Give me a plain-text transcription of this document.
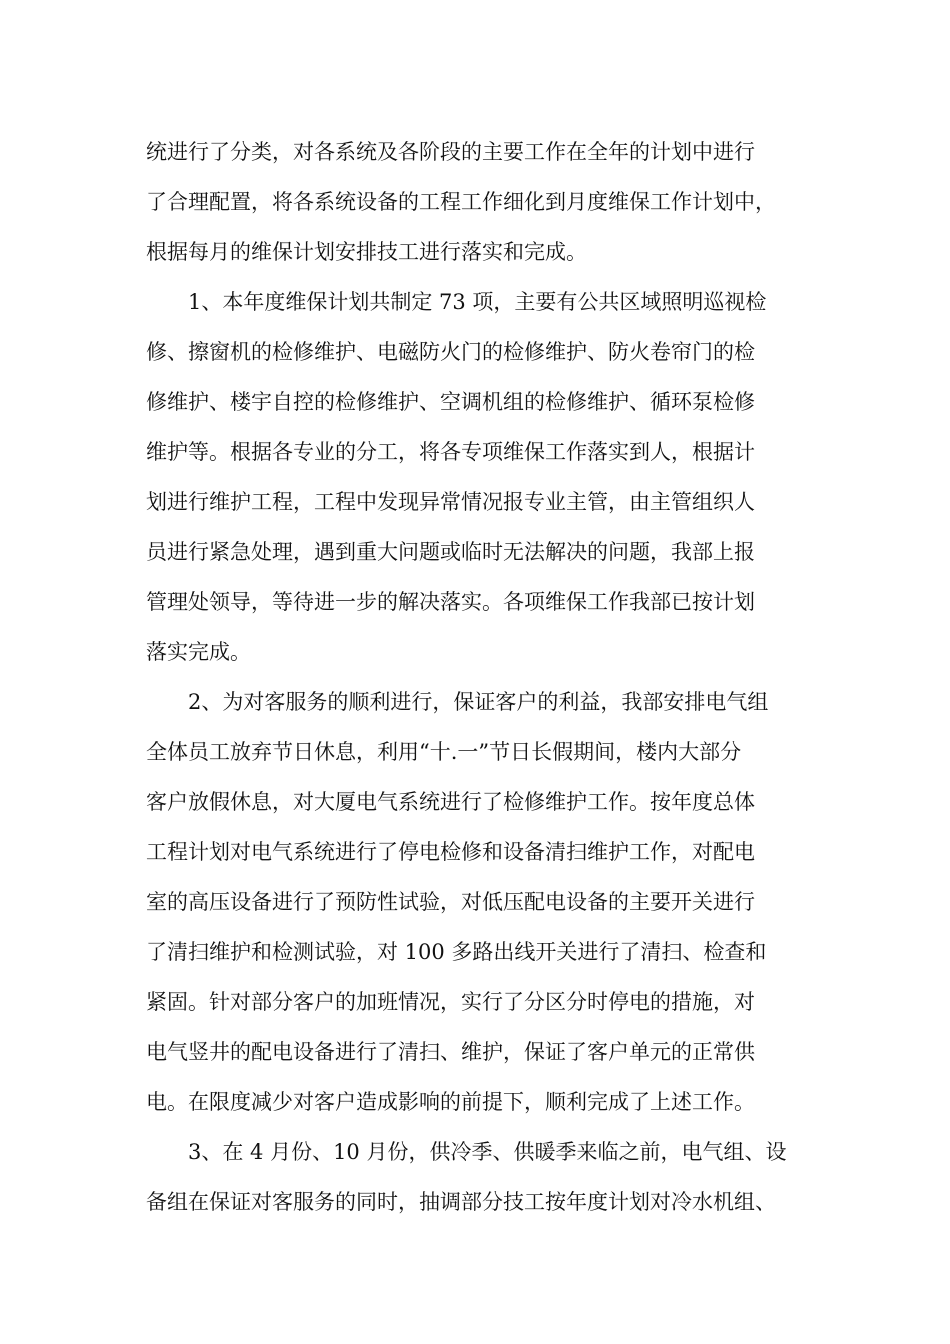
统进行了分类，对各系统及各阶段的主要工作在全年的计划中进行

了合理配置，将各系统设备的工程工作细化到月度维保工作计划中，

根据每月的维保计划安排技工进行落实和完成。

1、本年度维保计划共制定 73 项，主要有公共区域照明巡视检

修、擦窗机的检修维护、电磁防火门的检修维护、防火卷帘门的检

修维护、楼宇自控的检修维护、空调机组的检修维护、循环泵检修

维护等。根据各专业的分工，将各专项维保工作落实到人，根据计

划进行维护工程，工程中发现异常情况报专业主管，由主管组织人

员进行紧急处理，遇到重大问题或临时无法解决的问题，我部上报

管理处领导，等待进一步的解决落实。各项维保工作我部已按计划

落实完成。

2、为对客服务的顺利进行，保证客户的利益，我部安排电气组

全体员工放弃节日休息，利用“十.一”节日长假期间，楼内大部分

客户放假休息，对大厦电气系统进行了检修维护工作。按年度总体

工程计划对电气系统进行了停电检修和设备清扫维护工作，对配电

室的高压设备进行了预防性试验，对低压配电设备的主要开关进行

了清扫维护和检测试验，对 100 多路出线开关进行了清扫、检查和

紧固。针对部分客户的加班情况，实行了分区分时停电的措施，对

电气竖井的配电设备进行了清扫、维护，保证了客户单元的正常供

电。在限度减少对客户造成影响的前提下，顺利完成了上述工作。

3、在 4 月份、10 月份，供冷季、供暖季来临之前，电气组、设

备组在保证对客服务的同时，抽调部分技工按年度计划对冷水机组、
